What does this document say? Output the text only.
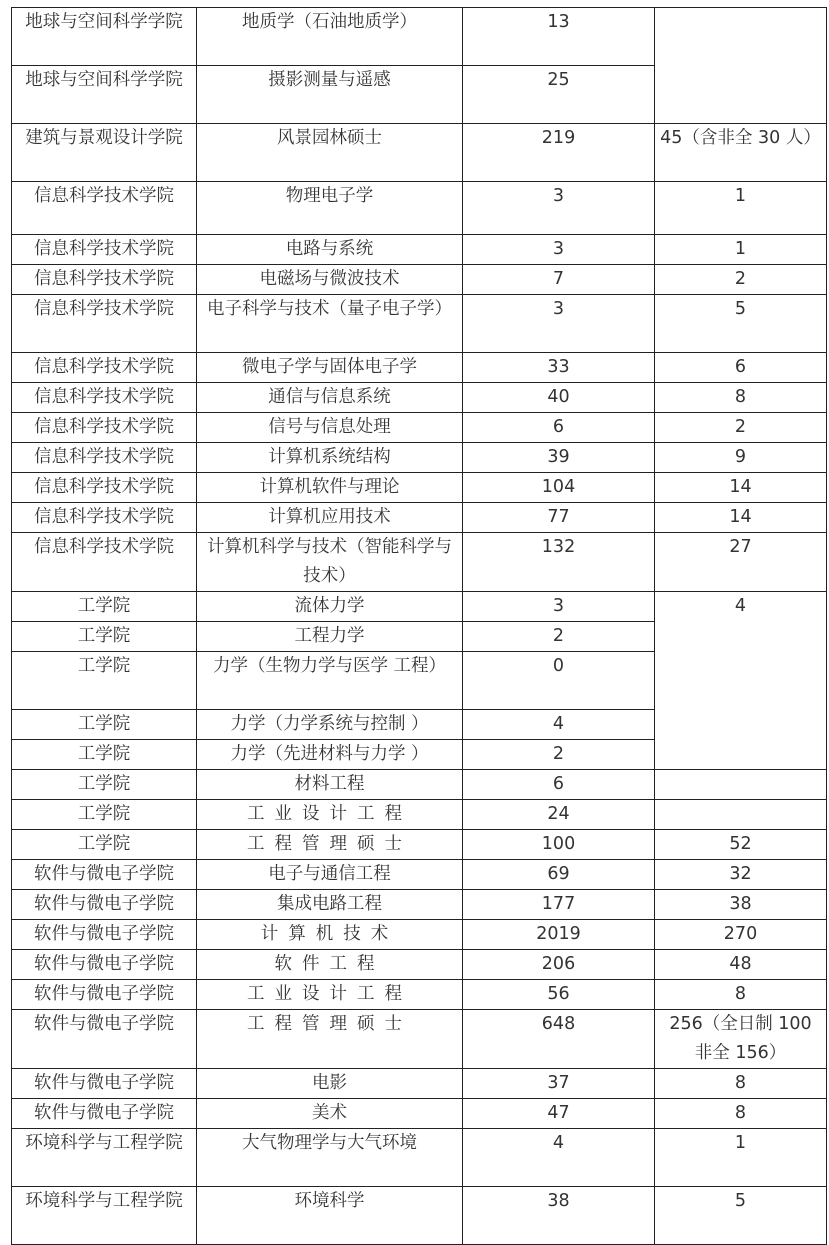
地球与空间科学学院	地质学（石油地质学）	13	
地球与空间科学学院	摄影测量与遥感	25	
建筑与景观设计学院	风景园林硕士	219	45（含非全 30 人）
信息科学技术学院	物理电子学	3	1
信息科学技术学院	电路与系统	3	1
信息科学技术学院	电磁场与微波技术	7	2
信息科学技术学院	电子科学与技术（量子电子学）	3	5
信息科学技术学院	微电子学与固体电子学	33	6
信息科学技术学院	通信与信息系统	40	8
信息科学技术学院	信号与信息处理	6	2
信息科学技术学院	计算机系统结构	39	9
信息科学技术学院	计算机软件与理论	104	14
信息科学技术学院	计算机应用技术	77	14
信息科学技术学院	计算机科学与技术（智能科学与技术）	132	27
工学院	流体力学	3	4
工学院	工程力学	2	
工学院	力学（生物力学与医学 工程）	0	
工学院	力学（力学系统与控制 ）	4	
工学院	力学（先进材料与力学 ）	2	
工学院	材料工程	6	
工学院	工业设计工程	24	
工学院	工程管理硕士	100	52
软件与微电子学院	电子与通信工程	69	32
软件与微电子学院	集成电路工程	177	38
软件与微电子学院	计算机技术	2019	270
软件与微电子学院	软件工程	206	48
软件与微电子学院	工业设计工程	56	8
软件与微电子学院	工程管理硕士	648	256（全日制 100 非全 156）
软件与微电子学院	电影	37	8
软件与微电子学院	美术	47	8
环境科学与工程学院	大气物理学与大气环境	4	1
环境科学与工程学院	环境科学	38	5
